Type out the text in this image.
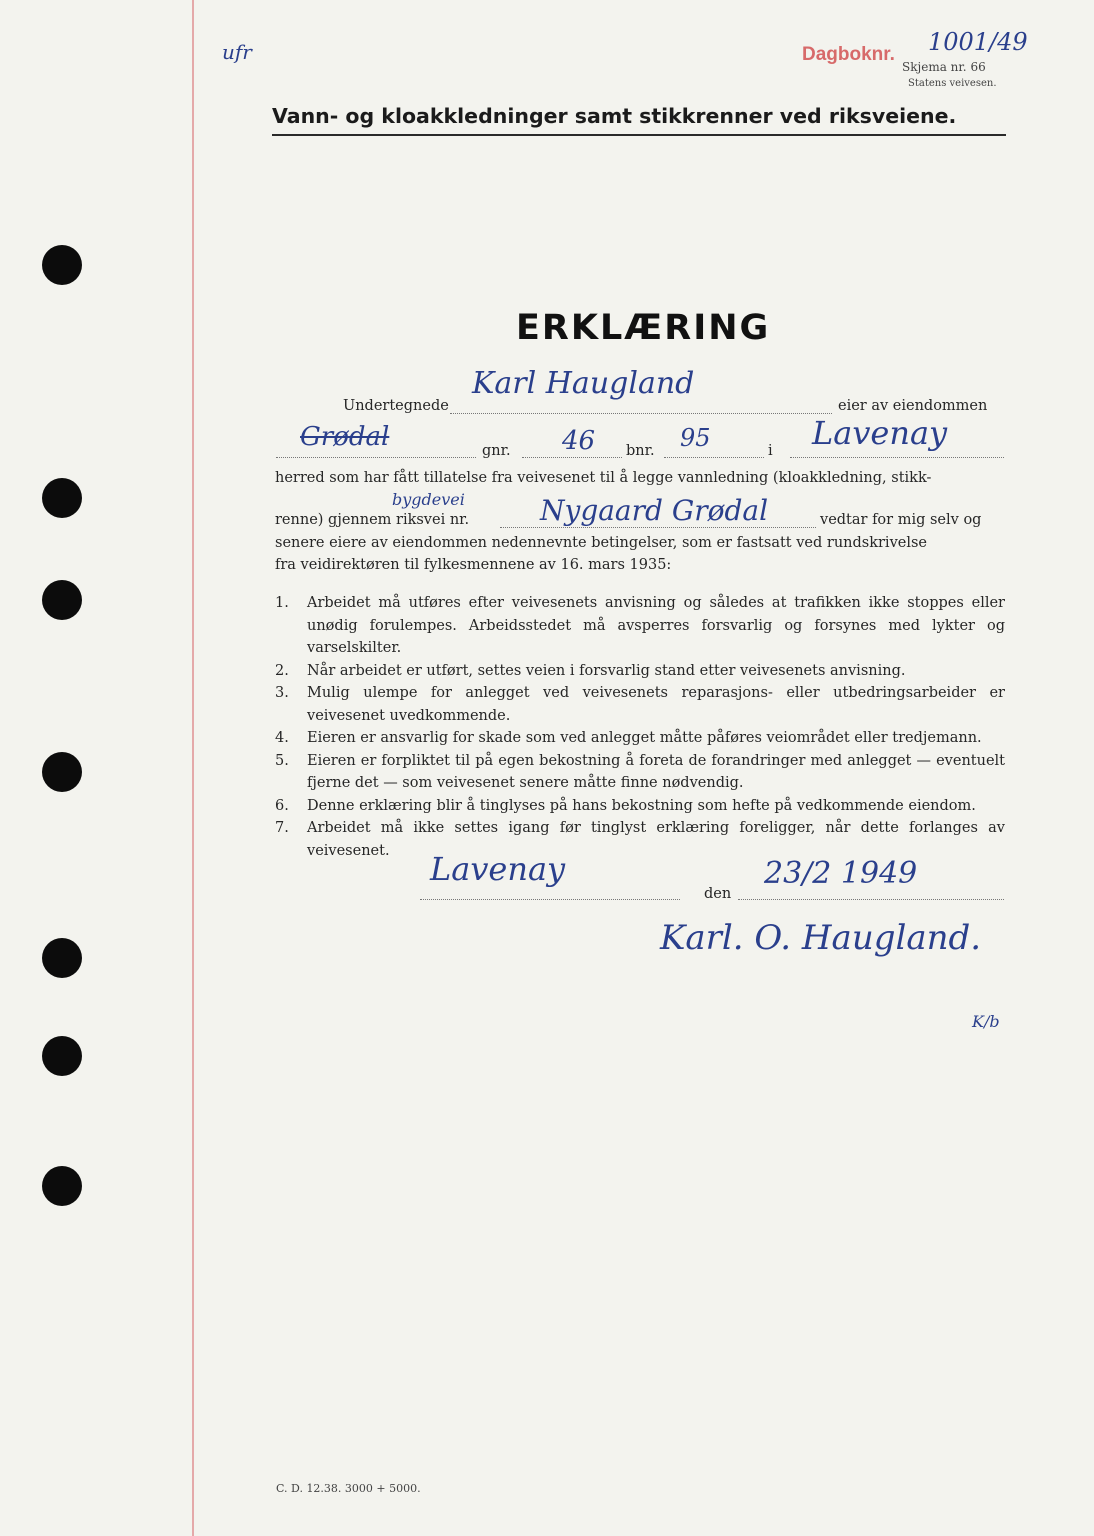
ufr	Dagboknr. 1001/49
Skjema nr. 66
Statens veivesen.
Vann- og kloakkledninger samt stikkrenner ved riksveiene.
ERKLÆRING
Undertegnede
Karl Haugland
eier av eiendommen
Grødal	gnr. 46 bnr. 95	i Lavenay
herred som har fått tillatelse fra veivesenet til å legge vannledning (kloakkledning, stikk-
bygdevei
renne) gjennem riksvei nr.	Nygaard Grødal	vedtar for mig selv og
senere eiere av eiendommen nedennevnte betingelser, som er fastsatt ved rundskrivelse
fra veidirektøren til fylkesmennene av 16. mars 1935:
1.	Arbeidet må utføres efter veivesenets anvisning og således at trafikken ikke stoppes eller unødig forulempes. Arbeidsstedet må avsperres forsvarlig og forsynes med lykter og varselskilter.
2.	Når arbeidet er utført, settes veien i forsvarlig stand etter veivesenets anvisning.
3.	Mulig ulempe for anlegget ved veivesenets reparasjons- eller utbedringsarbeider er veivesenet uvedkommende.
4.	Eieren er ansvarlig for skade som ved anlegget måtte påføres veiområdet eller tredjemann.
5.	Eieren er forpliktet til på egen bekostning å foreta de forandringer med anlegget — eventuelt fjerne det — som veivesenet senere måtte finne nødvendig.
6.	Denne erklæring blir å tinglyses på hans bekostning som hefte på vedkommende eiendom.
7.	Arbeidet må ikke settes igang før tinglyst erklæring foreligger, når dette forlanges av veivesenet.	Lavenay
den
23/2 1949
Karl. O. Haugland.
K/b
C. D. 12.38. 3000 + 5000.
